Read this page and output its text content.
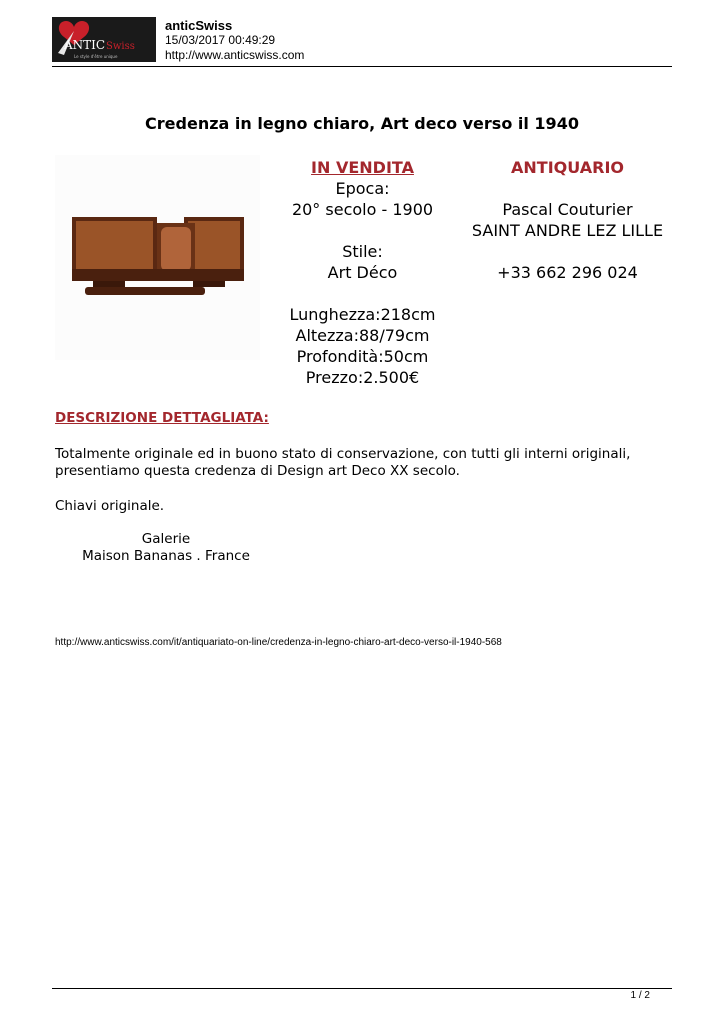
ANTIC Swiss
Le style d'être unique
anticSwiss
15/03/2017 00:49:29
http://www.anticswiss.com
Credenza in legno chiaro, Art deco verso il 1940
IN VENDITA
Epoca:
20° secolo - 1900
Stile:
Art Déco
Lunghezza:218cm
Altezza:88/79cm
Profondità:50cm
Prezzo:2.500€
ANTIQUARIO
Pascal Couturier
SAINT ANDRE LEZ LILLE
+33 662 296 024
DESCRIZIONE DETTAGLIATA:
Totalmente originale ed in buono stato di conservazione, con tutti gli interni originali, presentiamo questa credenza di Design art Deco XX secolo.
Chiavi originale.
Galerie
Maison Bananas . France
http://www.anticswiss.com/it/antiquariato-on-line/credenza-in-legno-chiaro-art-deco-verso-il-1940-568
1 / 2
